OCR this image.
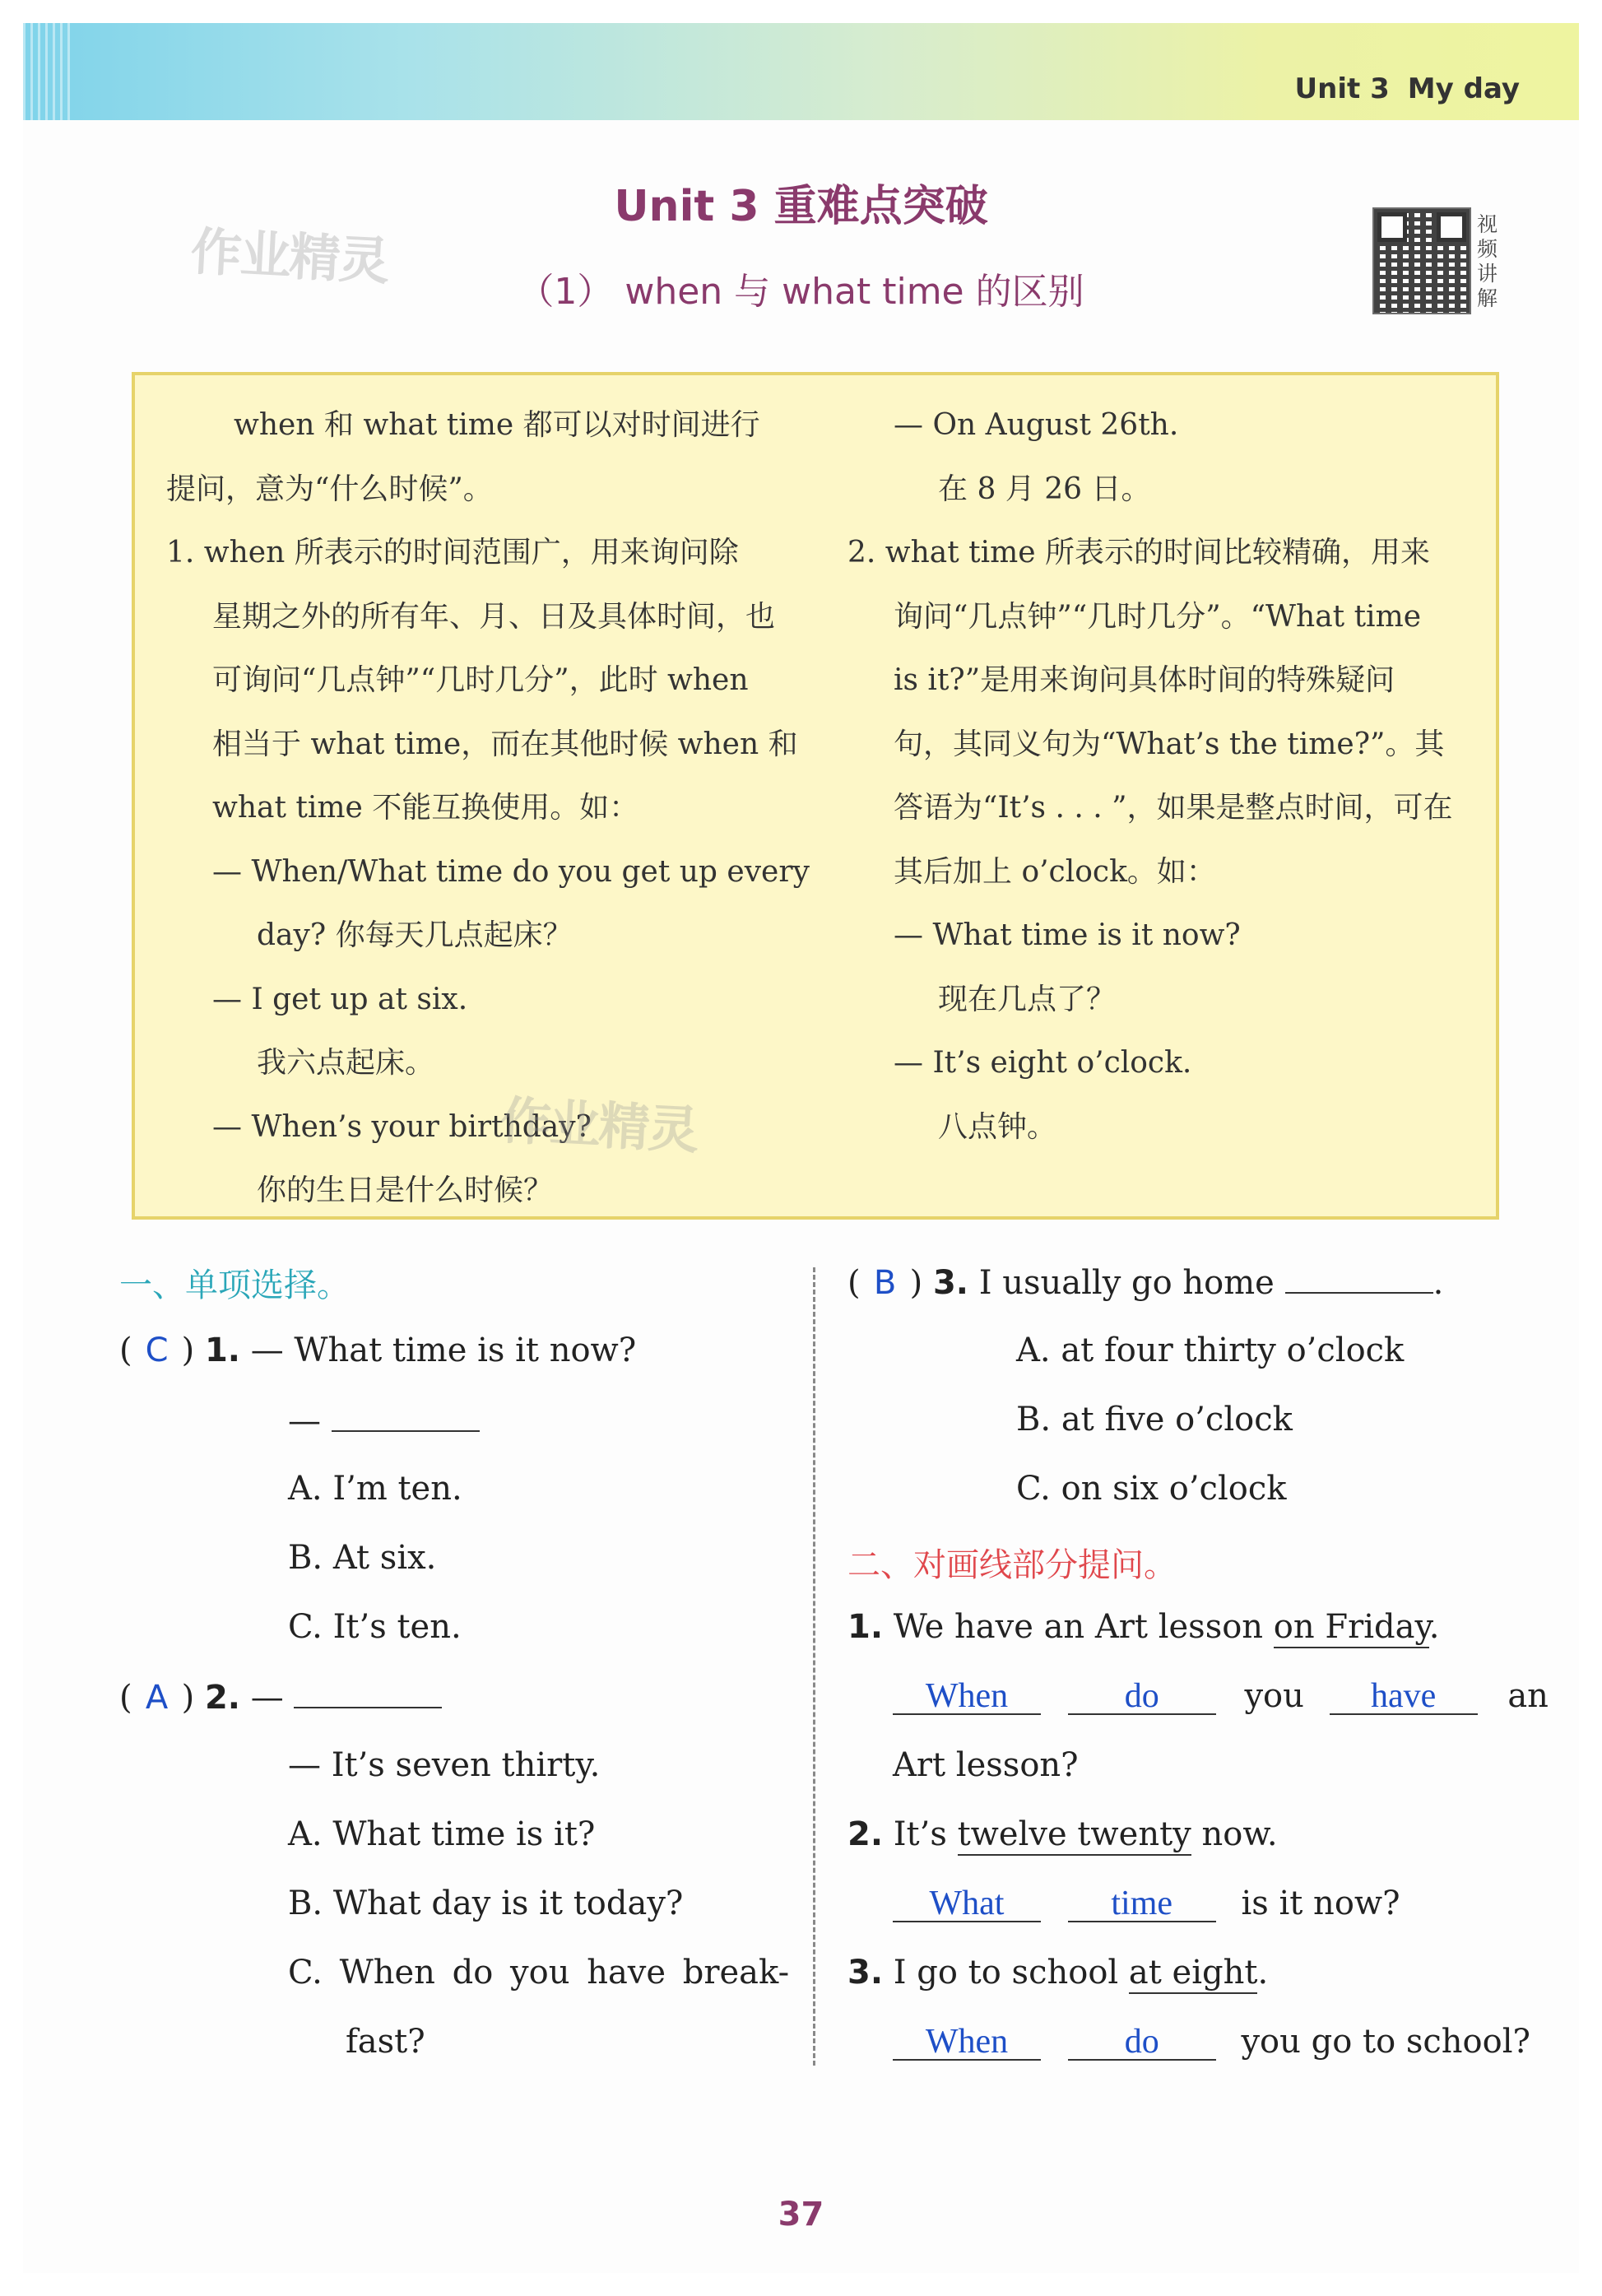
Unit 3 My day
作业精灵
Unit 3 重难点突破
（1） when 与 what time 的区别
视频讲解

when 和 what time 都可以对时间进行

提问，意为“什么时候”。

1. when 所表示的时间范围广，用来询问除

星期之外的所有年、月、日及具体时间，也

可询问“几点钟”“几时几分”，此时 when

相当于 what time，而在其他时候 when 和

what time 不能互换使用。如：

— When/What time do you get up every

day? 你每天几点起床？

— I get up at six.

我六点起床。

— When’s your birthday?

你的生日是什么时候？

— On August 26th.

在 8 月 26 日。

2. what time 所表示的时间比较精确，用来

询问“几点钟”“几时几分”。“What time

is it?”是用来询问具体时间的特殊疑问

句，其同义句为“What’s the time?”。其

答语为“It’s . . . ”，如果是整点时间，可在

其后加上 o’clock。如：

— What time is it now?

现在几点了？

— It’s eight o’clock.

八点钟。

作业精灵
一、单项选择。
( C ) 1. — What time is it now?
—
A. I’m ten.
B. At six.
C. It’s ten.
( A ) 2. —
— It’s seven thirty.
A. What time is it?
B. What day is it today?
C. When do you have break-
fast?
( B ) 3. I usually go home	.
A. at four thirty o’clock
B. at five o’clock
C. on six o’clock
二、对画线部分提问。
1. We have an Art lesson on Friday.
When	do	you have an
Art lesson?
2. It’s twelve twenty now.
What	time is it now?
3. I go to school at eight.
When	do you go to school?
37
